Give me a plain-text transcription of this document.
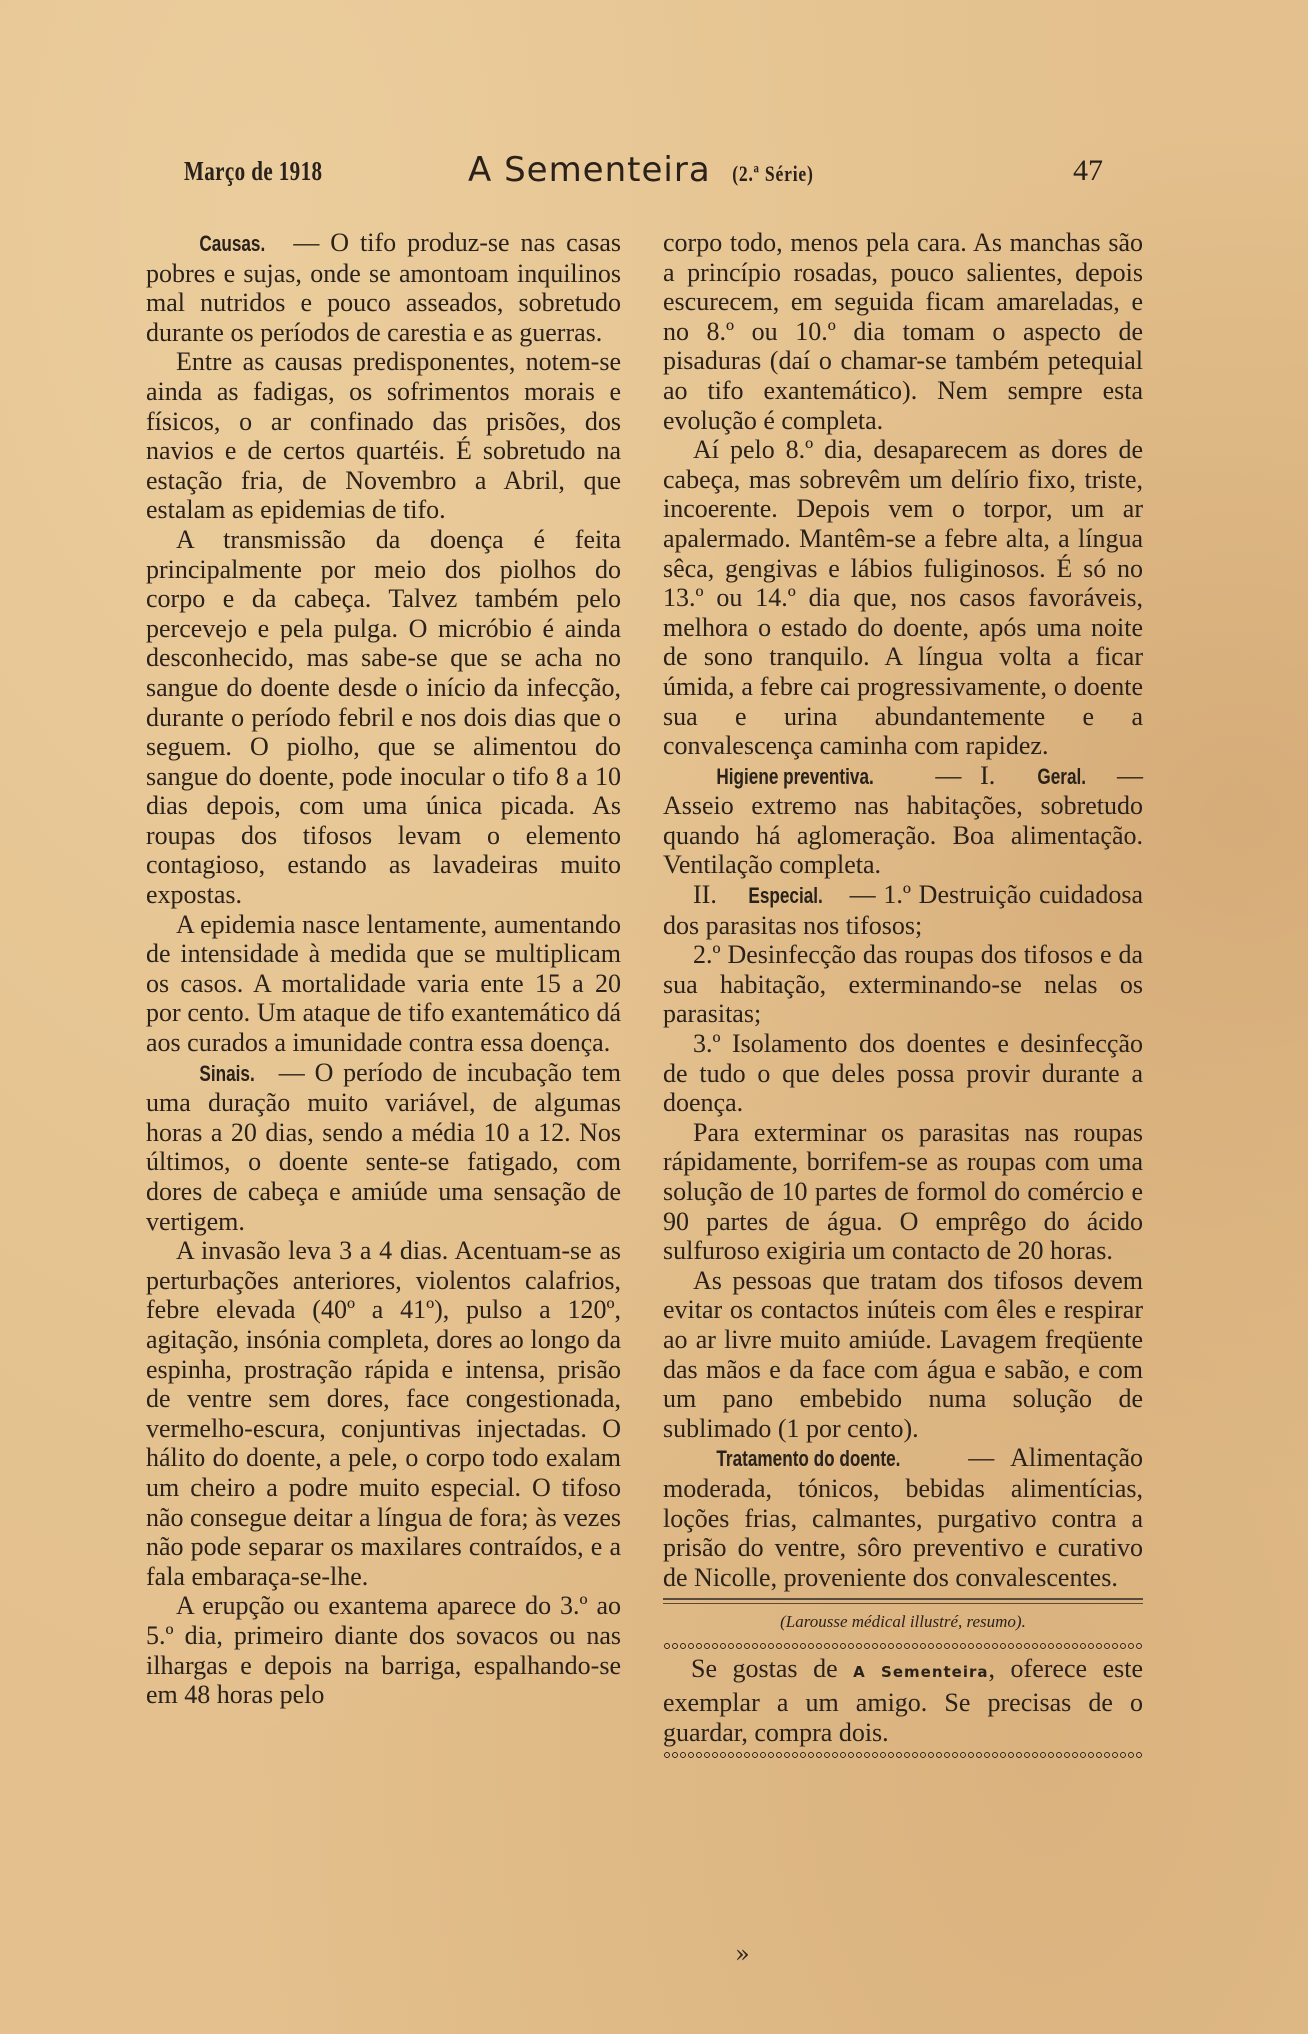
Março de 1918	A Sementeira (2.ª Série)	47

Causas. — O tifo produz-se nas casas pobres e sujas, onde se amontoam inquilinos mal nutridos e pouco asseados, sobretudo durante os períodos de carestia e as guerras.

Entre as causas predisponentes, notem-se ainda as fadigas, os sofrimentos morais e físicos, o ar confinado das prisões, dos navios e de certos quartéis. É sobretudo na estação fria, de Novembro a Abril, que estalam as epidemias de tifo.

A transmissão da doença é feita principalmente por meio dos piolhos do corpo e da cabeça. Talvez também pelo percevejo e pela pulga. O micróbio é ainda desconhecido, mas sabe-se que se acha no sangue do doente desde o início da infecção, durante o período febril e nos dois dias que o seguem. O piolho, que se alimentou do sangue do doente, pode inocular o tifo 8 a 10 dias depois, com uma única picada. As roupas dos tifosos levam o elemento contagioso, estando as lavadeiras muito expostas.

A epidemia nasce lentamente, aumentando de intensidade à medida que se multiplicam os casos. A mortalidade varia ente 15 a 20 por cento. Um ataque de tifo exantemático dá aos curados a imunidade contra essa doença.

Sinais. — O período de incubação tem uma duração muito variável, de algumas horas a 20 dias, sendo a média 10 a 12. Nos últimos, o doente sente-se fatigado, com dores de cabeça e amiúde uma sensação de vertigem.

A invasão leva 3 a 4 dias. Acentuam-se as perturbações anteriores, violentos calafrios, febre elevada (40º a 41º), pulso a 120º, agitação, insónia completa, dores ao longo da espinha, prostração rápida e intensa, prisão de ventre sem dores, face congestionada, vermelho-escura, conjuntivas injectadas. O hálito do doente, a pele, o corpo todo exalam um cheiro a podre muito especial. O tifoso não consegue deitar a língua de fora; às vezes não pode separar os maxilares contraídos, e a fala embaraça-se-lhe.

A erupção ou exantema aparece do 3.º ao 5.º dia, primeiro diante dos sovacos ou nas ilhargas e depois na barriga, espalhando-se em 48 horas pelo

corpo todo, menos pela cara. As manchas são a princípio rosadas, pouco salientes, depois escurecem, em seguida ficam amareladas, e no 8.º ou 10.º dia tomam o aspecto de pisaduras (daí o chamar-se também petequial ao tifo exantemático). Nem sempre esta evolução é completa.

Aí pelo 8.º dia, desaparecem as dores de cabeça, mas sobrevêm um delírio fixo, triste, incoerente. Depois vem o torpor, um ar apalermado. Mantêm-se a febre alta, a língua sêca, gengivas e lábios fuliginosos. É só no 13.º ou 14.º dia que, nos casos favoráveis, melhora o estado do doente, após uma noite de sono tranquilo. A língua volta a ficar úmida, a febre cai progressivamente, o doente sua e urina abundantemente e a convalescença caminha com rapidez.

Higiene preventiva. — I. Geral. — Asseio extremo nas habitações, sobretudo quando há aglomeração. Boa alimentação. Ventilação completa.

II. Especial. — 1.º Destruição cuidadosa dos parasitas nos tifosos;

2.º Desinfecção das roupas dos tifosos e da sua habitação, exterminando-se nelas os parasitas;

3.º Isolamento dos doentes e desinfecção de tudo o que deles possa provir durante a doença.

Para exterminar os parasitas nas roupas rápidamente, borrifem-se as roupas com uma solução de 10 partes de formol do comércio e 90 partes de água. O emprêgo do ácido sulfuroso exigiria um contacto de 20 horas.

As pessoas que tratam dos tifosos devem evitar os contactos inúteis com êles e respirar ao ar livre muito amiúde. Lavagem freqüente das mãos e da face com água e sabão, e com um pano embebido numa solução de sublimado (1 por cento).

Tratamento do doente. — Alimentação moderada, tónicos, bebidas alimentícias, loções frias, calmantes, purgativo contra a prisão do ventre, sôro preventivo e curativo de Nicolle, proveniente dos convalescentes.

(Larousse médical illustré, resumo).

Se gostas de A Sementeira, oferece este exemplar a um amigo. Se precisas de o guardar, compra dois.

»
